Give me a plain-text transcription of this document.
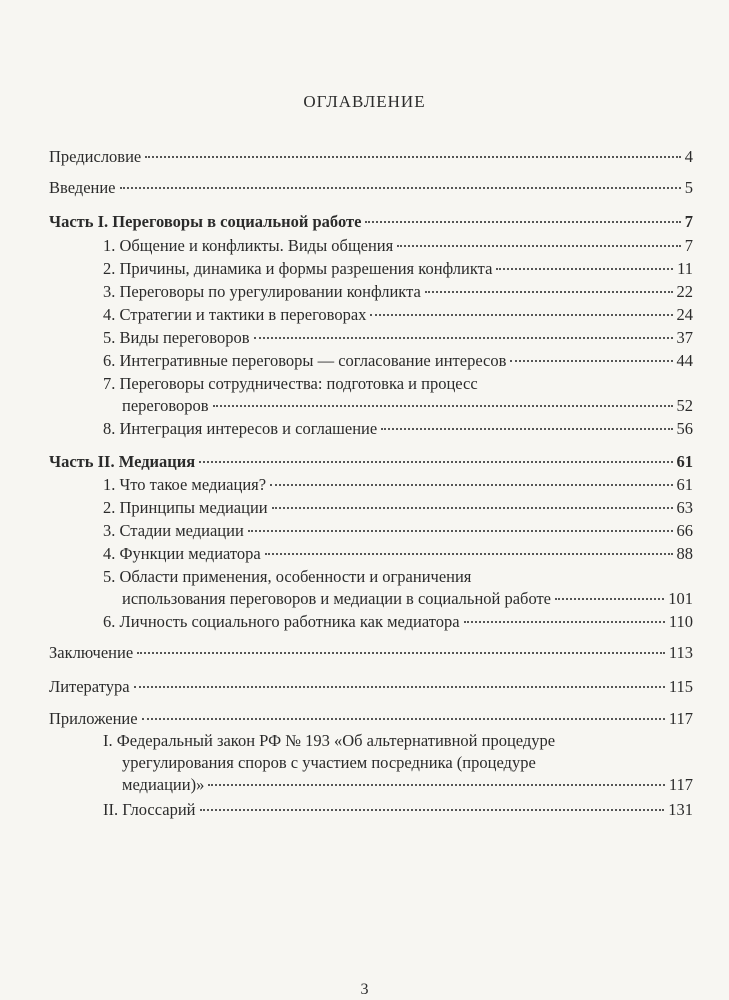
ОГЛАВЛЕНИЕ
Предисловие	4
Введение	5
Часть I. Переговоры в социальной работе	7
1. Общение и конфликты. Виды общения	7
2. Причины, динамика и формы разрешения конфликта	11
3. Переговоры по урегулировании конфликта	22
4. Стратегии и тактики в переговорах	24
5. Виды переговоров	37
6. Интегративные переговоры — согласование интересов	44
7. Переговоры сотрудничества: подготовка и процесс
переговоров	52
8. Интеграция интересов и соглашение	56
Часть II. Медиация	61
1. Что такое медиация?	61
2. Принципы медиации	63
3. Стадии медиации	66
4. Функции медиатора	88
5. Области применения, особенности и ограничения
использования переговоров и медиации в социальной работе	101
6. Личность социального работника как медиатора	110
Заключение	113
Литература	115
Приложение	117
I. Федеральный закон РФ № 193 «Об альтернативной процедуре
урегулирования споров с участием посредника (процедуре
медиации)»	117
II. Глоссарий	131
3
